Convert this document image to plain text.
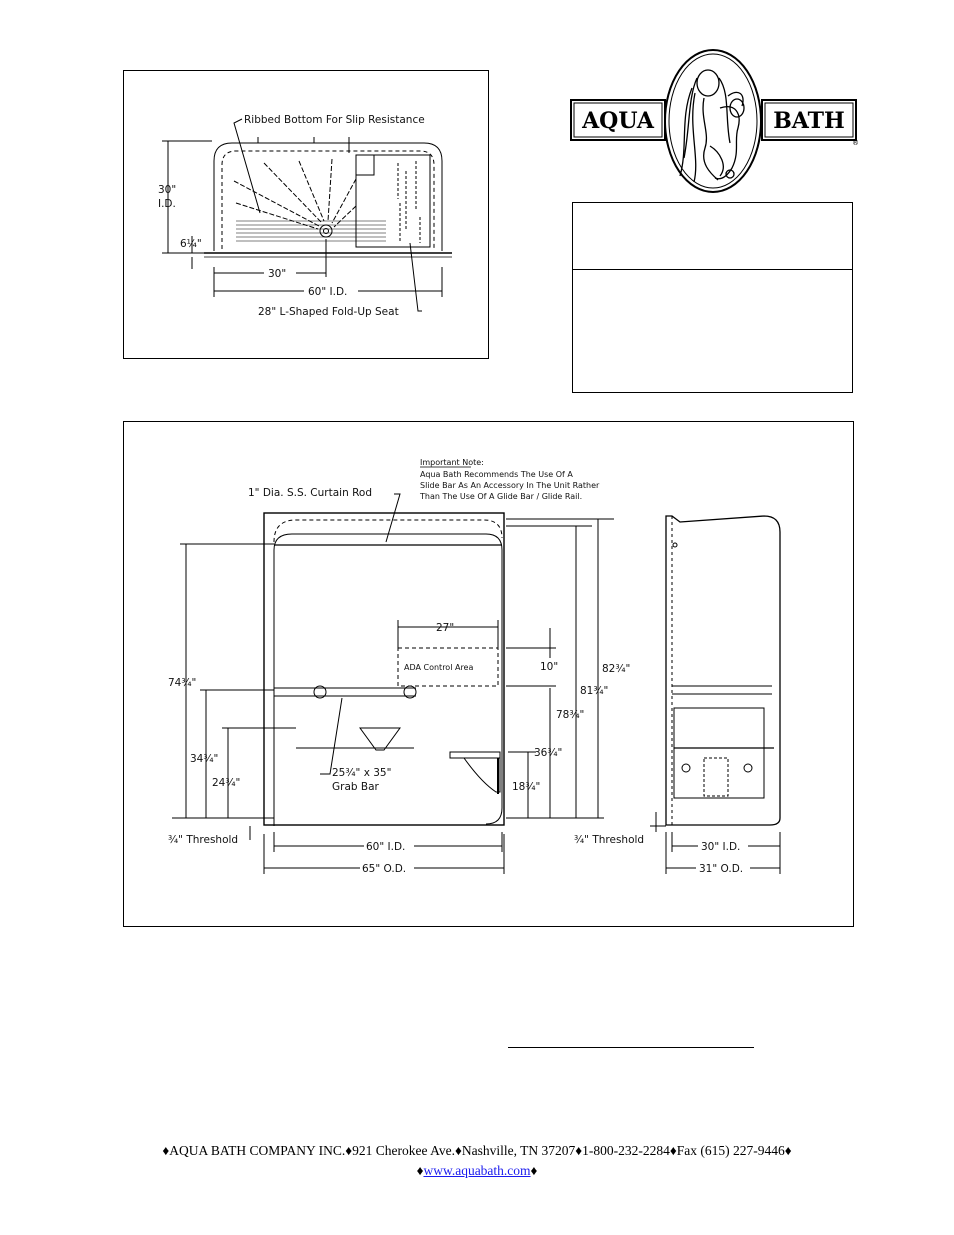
AQUA	BATH
®
Ribbed Bottom For Slip Resistance
30"
I.D.
6¼"
30"
60" I.D.
28" L-Shaped Fold-Up Seat
Important Note:
Aqua Bath Recommends The Use Of A
Slide Bar As An Accessory In The Unit Rather
Than The Use Of A Glide Bar / Glide Rail.
1" Dia. S.S. Curtain Rod
27"
ADA Control Area	10"
74¾"
34¾"
24¾"
82¾"
81¾"
78¾"
36¾"
18¾"
25¾" x 35"
Grab Bar
¾" Threshold	¾" Threshold
60" I.D.
65" O.D.
30" I.D.
31" O.D.
♦AQUA BATH COMPANY INC.♦921 Cherokee Ave.♦Nashville, TN 37207♦1-800-232-2284♦Fax (615) 227-9446♦
♦www.aquabath.com♦
